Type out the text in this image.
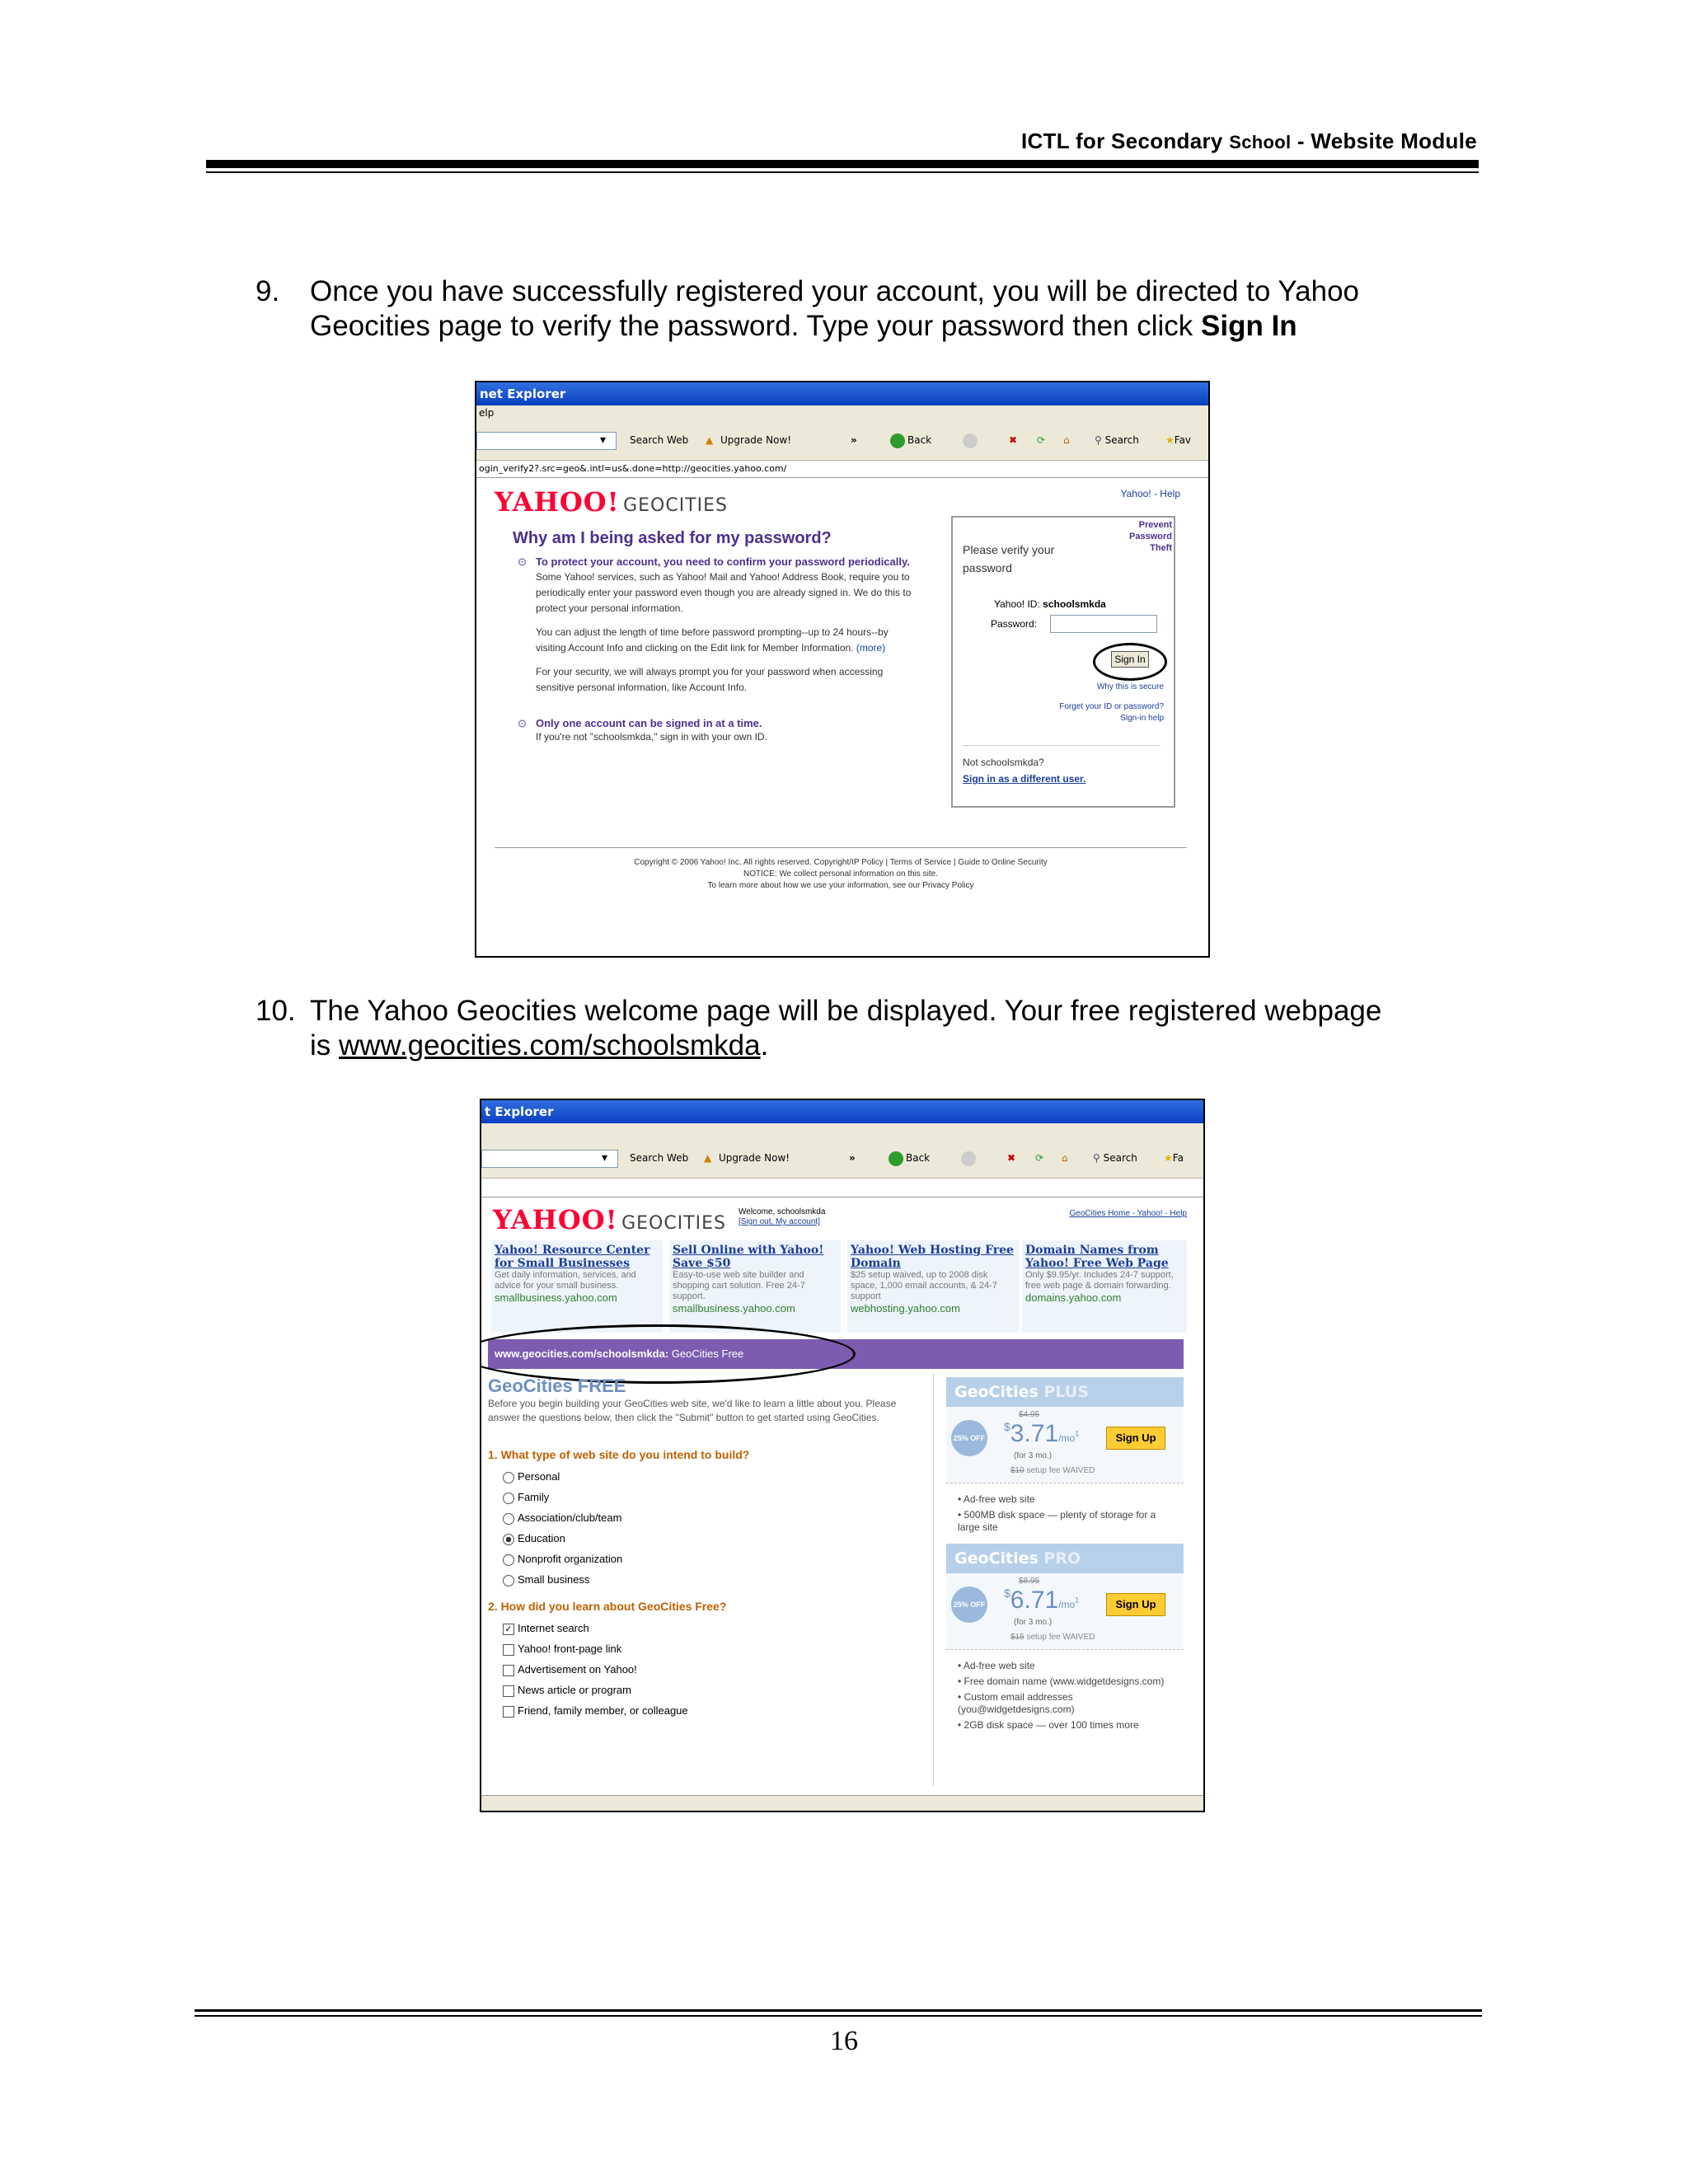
ICTL for Secondary School - Website Module
9. Once you have successfully registered your account, you will be directed to Yahoo Geocities page to verify the password. Type your password then click Sign In
net Explorer
elp
▾ Search Web ▲ Upgrade Now!	»	Back	✖ ⟳ ⌂	⚲ Search	★Fav
ogin_verify2?.src=geo&.intl=us&.done=http://geocities.yahoo.com/
YAHOO! GEOCITIES
Yahoo! - Help
Why am I being asked for my password?
⊙ To protect your account, you need to confirm your password periodically.
Some Yahoo! services, such as Yahoo! Mail and Yahoo! Address Book, require you to periodically enter your password even though you are already signed in. We do this to protect your personal information.
You can adjust the length of time before password prompting--up to 24 hours--by visiting Account Info and clicking on the Edit link for Member Information. (more)
For your security, we will always prompt you for your password when accessing sensitive personal information, like Account Info.
⊙ Only one account can be signed in at a time.
If you're not "schoolsmkda," sign in with your own ID.
Prevent Password Theft
Please verify your password
Yahoo! ID: schoolsmkda
Password:
Sign In
Why this is secure
Forget your ID or password?
Sign-in help
Not schoolsmkda?
Sign in as a different user.
Copyright © 2006 Yahoo! Inc. All rights reserved. Copyright/IP Policy | Terms of Service | Guide to Online Security
NOTICE: We collect personal information on this site.
To learn more about how we use your information, see our Privacy Policy
10. The Yahoo Geocities welcome page will be displayed. Your free registered webpage
is www.geocities.com/schoolsmkda.
t Explorer
▾ Search Web ▲ Upgrade Now!	»	Back	✖ ⟳ ⌂	⚲ Search	★Fa
YAHOO! GEOCITIES
Welcome, schoolsmkda
[Sign out, My account]
GeoCities Home - Yahoo! - Help
Yahoo! Resource Center for Small Businesses
Get daily information, services, and advice for your small business.
smallbusiness.yahoo.com
Sell Online with Yahoo! Save $50
Easy-to-use web site builder and shopping cart solution. Free 24-7 support.
smallbusiness.yahoo.com
Yahoo! Web Hosting Free Domain
$25 setup waived, up to 2008 disk space, 1,000 email accounts, & 24-7 support
webhosting.yahoo.com
Domain Names from Yahoo! Free Web Page
Only $9.95/yr. Includes 24-7 support, free web page & domain forwarding.
domains.yahoo.com
www.geocities.com/schoolsmkda: GeoCities Free
GeoCities FREE
Before you begin building your GeoCities web site, we'd like to learn a little about you. Please answer the questions below, then click the "Submit" button to get started using GeoCities.
1. What type of web site do you intend to build?
Personal
Family
Association/club/team
Education
Nonprofit organization
Small business
2. How did you learn about GeoCities Free?
✓ Internet search
Yahoo! front-page link
Advertisement on Yahoo!
News article or program
Friend, family member, or colleague
GeoCities PLUS
25% OFF
$4.95
$\$3.71/mo^1$
(for 3 mo.)
$10 setup fee WAIVED
Sign Up
• Ad-free web site
• 500MB disk space — plenty of storage for a large site
GeoCities PRO
25% OFF
$8.95
$\$6.71/mo^1$
(for 3 mo.)
$15 setup fee WAIVED
Sign Up
• Ad-free web site
• Free domain name (www.widgetdesigns.com)
• Custom email addresses (you@widgetdesigns.com)
• 2GB disk space — over 100 times more
16
